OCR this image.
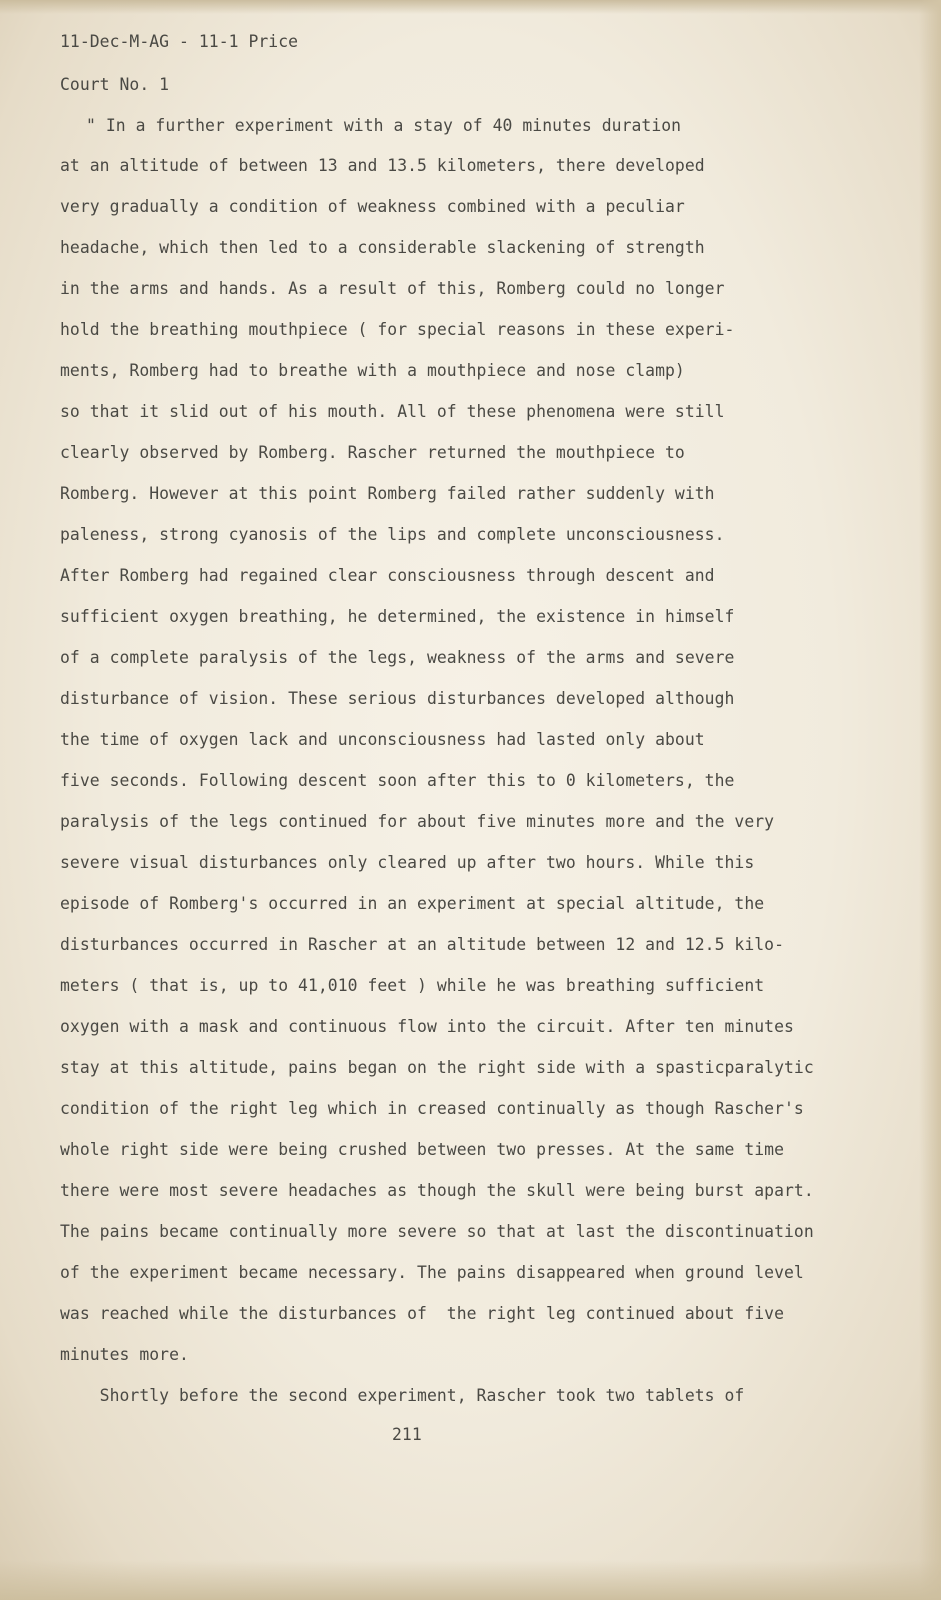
11-Dec-M-AG - 11-1 Price
Court No. 1
" In a further experiment with a stay of 40 minutes duration
at an altitude of between 13 and 13.5 kilometers, there developed
very gradually a condition of weakness combined with a peculiar
headache, which then led to a considerable slackening of strength
in the arms and hands. As a result of this, Romberg could no longer
hold the breathing mouthpiece ( for special reasons in these experi-
ments, Romberg had to breathe with a mouthpiece and nose clamp)
so that it slid out of his mouth. All of these phenomena were still
clearly observed by Romberg. Rascher returned the mouthpiece to
Romberg. However at this point Romberg failed rather suddenly with
paleness, strong cyanosis of the lips and complete unconsciousness.
After Romberg had regained clear consciousness through descent and
sufficient oxygen breathing, he determined, the existence in himself
of a complete paralysis of the legs, weakness of the arms and severe
disturbance of vision. These serious disturbances developed although
the time of oxygen lack and unconsciousness had lasted only about
five seconds. Following descent soon after this to 0 kilometers, the
paralysis of the legs continued for about five minutes more and the very
severe visual disturbances only cleared up after two hours. While this
episode of Romberg's occurred in an experiment at special altitude, the
disturbances occurred in Rascher at an altitude between 12 and 12.5 kilo-
meters ( that is, up to 41,010 feet ) while he was breathing sufficient
oxygen with a mask and continuous flow into the circuit. After ten minutes
stay at this altitude, pains began on the right side with a spasticparalytic
condition of the right leg which in creased continually as though Rascher's
whole right side were being crushed between two presses. At the same time
there were most severe headaches as though the skull were being burst apart.
The pains became continually more severe so that at last the discontinuation
of the experiment became necessary. The pains disappeared when ground level
was reached while the disturbances of  the right leg continued about five
minutes more.
Shortly before the second experiment, Rascher took two tablets of
211
